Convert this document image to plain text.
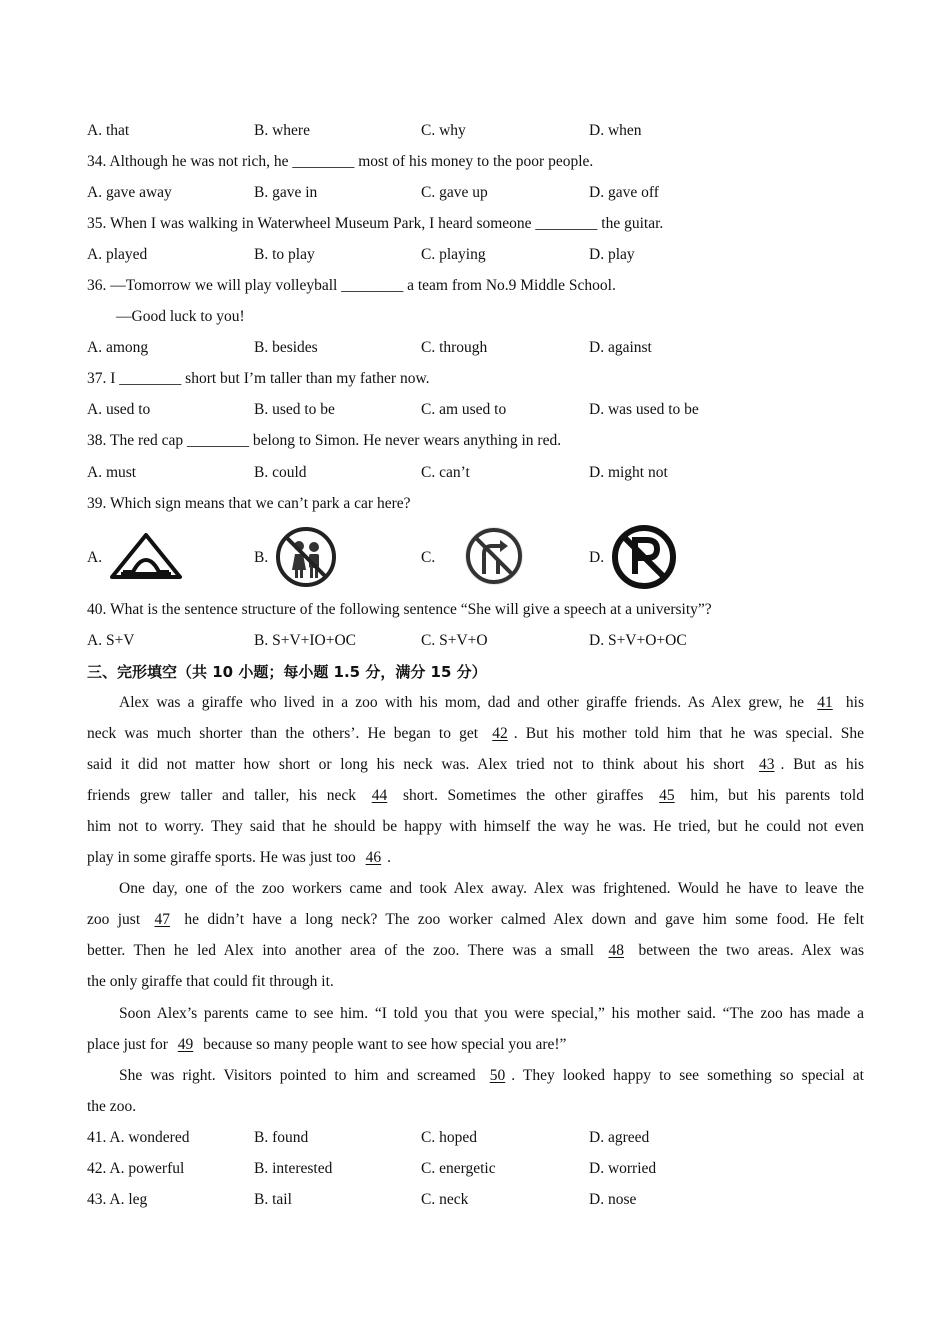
A. that	B. where	C. why	D. when
34. Although he was not rich, he ________ most of his money to the poor people.
A. gave away	B. gave in	C. gave up	D. gave off
35. When I was walking in Waterwheel Museum Park, I heard someone ________ the guitar.
A. played	B. to play	C. playing	D. play
36. —Tomorrow we will play volleyball ________ a team from No.9 Middle School.
—Good luck to you!
A. among	B. besides	C. through	D. against
37. I ________ short but I’m taller than my father now.
A. used to	B. used to be	C. am used to	D. was used to be
38. The red cap ________ belong to Simon. He never wears anything in red.
A. must	B. could	C. can’t	D. might not
39. Which sign means that we can’t park a car here?
A.	B.	C.	D.
40. What is the sentence structure of the following sentence “She will give a speech at a university”?
A. S+V	B. S+V+IO+OC	C. S+V+O	D. S+V+O+OC
三、完形填空（共 10 小题；每小题 1.5 分，满分 15 分）
Alex was a giraffe who lived in a zoo with his mom, dad and other giraffe friends. As Alex grew, he 41 his
neck was much shorter than the others’. He began to get 42 . But his mother told him that he was special. She
said it did not matter how short or long his neck was. Alex tried not to think about his short 43 . But as his
friends grew taller and taller, his neck 44 short. Sometimes the other giraffes 45 him, but his parents told
him not to worry. They said that he should be happy with himself the way he was. He tried, but he could not even
play in some giraffe sports. He was just too 46 .
One day, one of the zoo workers came and took Alex away. Alex was frightened. Would he have to leave the
zoo just 47 he didn’t have a long neck? The zoo worker calmed Alex down and gave him some food. He felt
better. Then he led Alex into another area of the zoo. There was a small 48 between the two areas. Alex was
the only giraffe that could fit through it.
Soon Alex’s parents came to see him. “I told you that you were special,” his mother said. “The zoo has made a
place just for 49 because so many people want to see how special you are!”
She was right. Visitors pointed to him and screamed 50 . They looked happy to see something so special at
the zoo.
41. A. wondered	B. found	C. hoped	D. agreed
42. A. powerful	B. interested	C. energetic	D. worried
43. A. leg	B. tail	C. neck	D. nose
